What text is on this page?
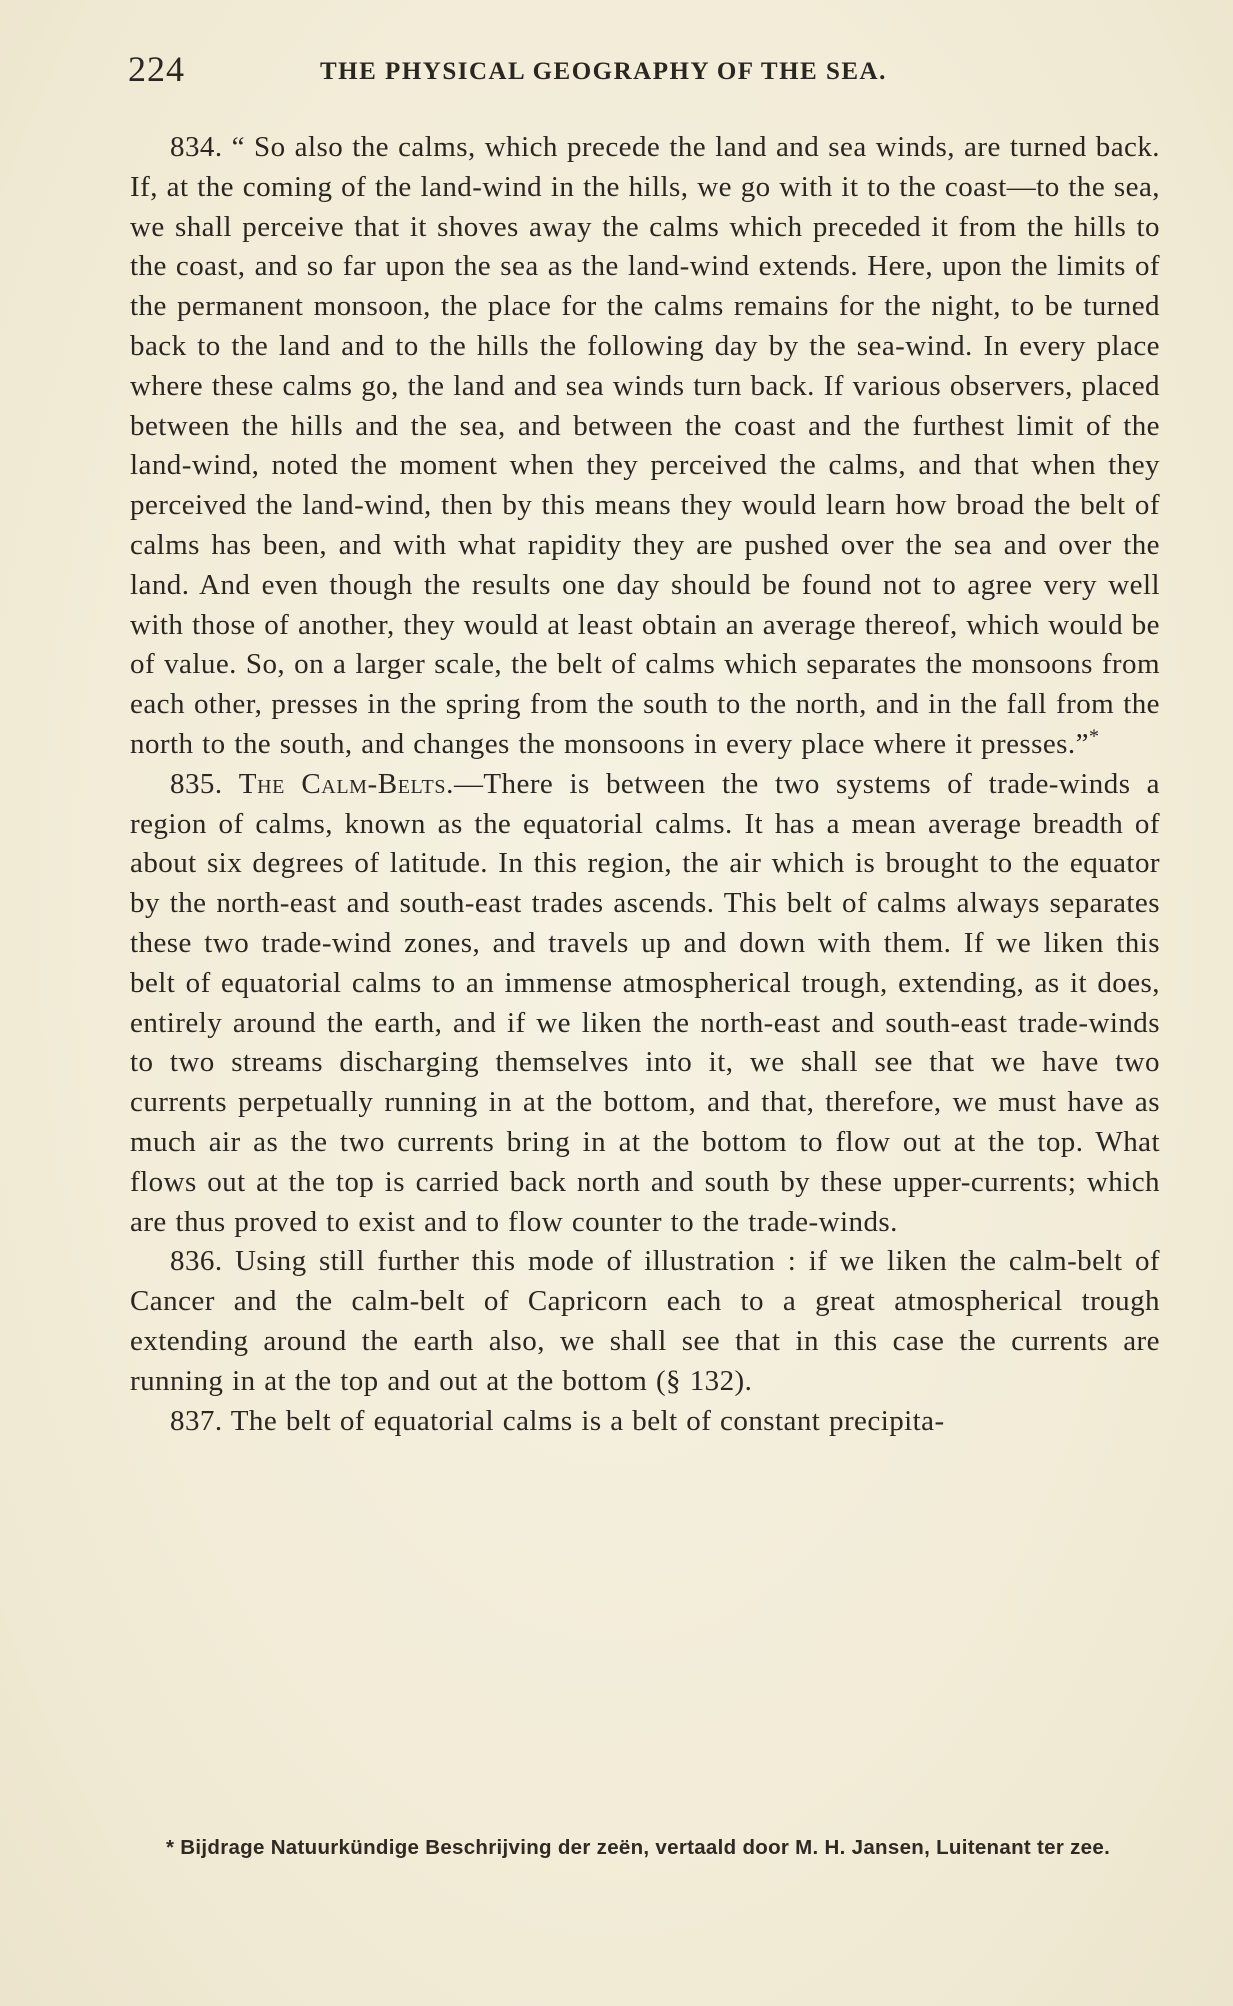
224	THE PHYSICAL GEOGRAPHY OF THE SEA.

834. “ So also the calms, which precede the land and sea winds, are turned back. If, at the coming of the land-wind in the hills, we go with it to the coast—to the sea, we shall perceive that it shoves away the calms which preceded it from the hills to the coast, and so far upon the sea as the land-wind extends. Here, upon the limits of the permanent monsoon, the place for the calms remains for the night, to be turned back to the land and to the hills the following day by the sea-wind. In every place where these calms go, the land and sea winds turn back. If various observers, placed between the hills and the sea, and between the coast and the furthest limit of the land-wind, noted the moment when they perceived the calms, and that when they perceived the land-wind, then by this means they would learn how broad the belt of calms has been, and with what rapidity they are pushed over the sea and over the land. And even though the results one day should be found not to agree very well with those of another, they would at least obtain an average thereof, which would be of value. So, on a larger scale, the belt of calms which separates the monsoons from each other, presses in the spring from the south to the north, and in the fall from the north to the south, and changes the monsoons in every place where it presses.”*

835. The Calm-Belts.—There is between the two systems of trade-winds a region of calms, known as the equatorial calms. It has a mean average breadth of about six degrees of latitude. In this region, the air which is brought to the equator by the north-east and south-east trades ascends. This belt of calms always separates these two trade-wind zones, and travels up and down with them. If we liken this belt of equatorial calms to an immense atmospherical trough, extending, as it does, entirely around the earth, and if we liken the north-east and south-east trade-winds to two streams discharging themselves into it, we shall see that we have two currents perpetually running in at the bottom, and that, therefore, we must have as much air as the two currents bring in at the bottom to flow out at the top. What flows out at the top is carried back north and south by these upper-currents; which are thus proved to exist and to flow counter to the trade-winds.

836. Using still further this mode of illustration : if we liken the calm-belt of Cancer and the calm-belt of Capricorn each to a great atmospherical trough extending around the earth also, we shall see that in this case the currents are running in at the top and out at the bottom (§ 132).

837. The belt of equatorial calms is a belt of constant precipita-

* Bijdrage Natuurkündige Beschrijving der zeën, vertaald door M. H. Jansen, Luitenant ter zee.
